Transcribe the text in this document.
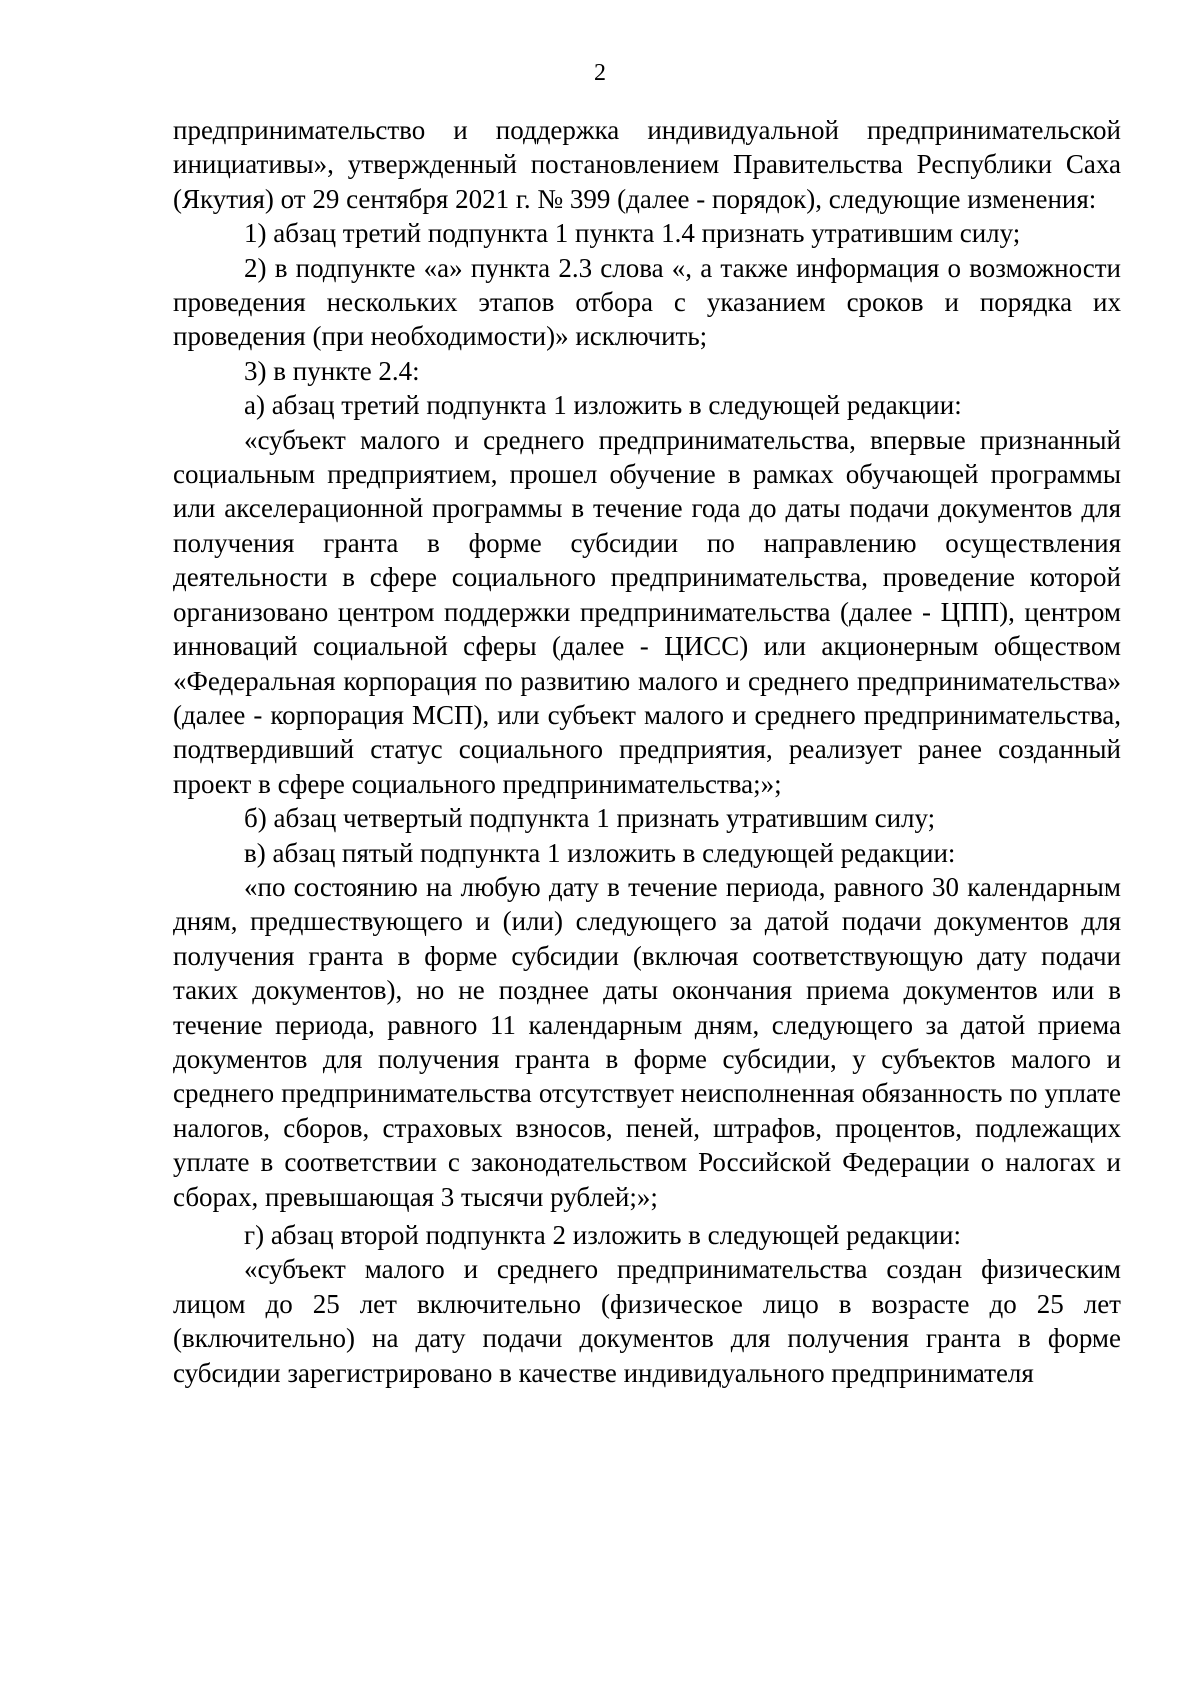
2

предпринимательство и поддержка индивидуальной предпринимательской инициативы», утвержденный постановлением Правительства Республики Саха (Якутия) от 29 сентября 2021 г. № 399 (далее - порядок), следующие изменения:

1) абзац третий подпункта 1 пункта 1.4 признать утратившим силу;

2) в подпункте «а» пункта 2.3 слова «, а также информация о возможности проведения нескольких этапов отбора с указанием сроков и порядка их проведения (при необходимости)» исключить;

3) в пункте 2.4:

а) абзац третий подпункта 1 изложить в следующей редакции:

«субъект малого и среднего предпринимательства, впервые признанный социальным предприятием, прошел обучение в рамках обучающей программы или акселерационной программы в течение года до даты подачи документов для получения гранта в форме субсидии по направлению осуществления деятельности в сфере социального предпринимательства, проведение которой организовано центром поддержки предпринимательства (далее - ЦПП), центром инноваций социальной сферы (далее - ЦИСС) или акционерным обществом «Федеральная корпорация по развитию малого и среднего предпринимательства» (далее - корпорация МСП), или субъект малого и среднего предпринимательства, подтвердивший статус социального предприятия, реализует ранее созданный проект в сфере социального предпринимательства;»;

б) абзац четвертый подпункта 1 признать утратившим силу;

в) абзац пятый подпункта 1 изложить в следующей редакции:

«по состоянию на любую дату в течение периода, равного 30 календарным дням, предшествующего и (или) следующего за датой подачи документов для получения гранта в форме субсидии (включая соответствующую дату подачи таких документов), но не позднее даты окончания приема документов или в течение периода, равного 11 календарным дням, следующего за датой приема документов для получения гранта в форме субсидии, у субъектов малого и среднего предпринимательства отсутствует неисполненная обязанность по уплате налогов, сборов, страховых взносов, пеней, штрафов, процентов, подлежащих уплате в соответствии с законодательством Российской Федерации о налогах и сборах, превышающая 3 тысячи рублей;»;

г) абзац второй подпункта 2 изложить в следующей редакции:

«субъект малого и среднего предпринимательства создан физическим лицом до 25 лет включительно (физическое лицо в возрасте до 25 лет (включительно) на дату подачи документов для получения гранта в форме субсидии зарегистрировано в качестве индивидуального предпринимателя
